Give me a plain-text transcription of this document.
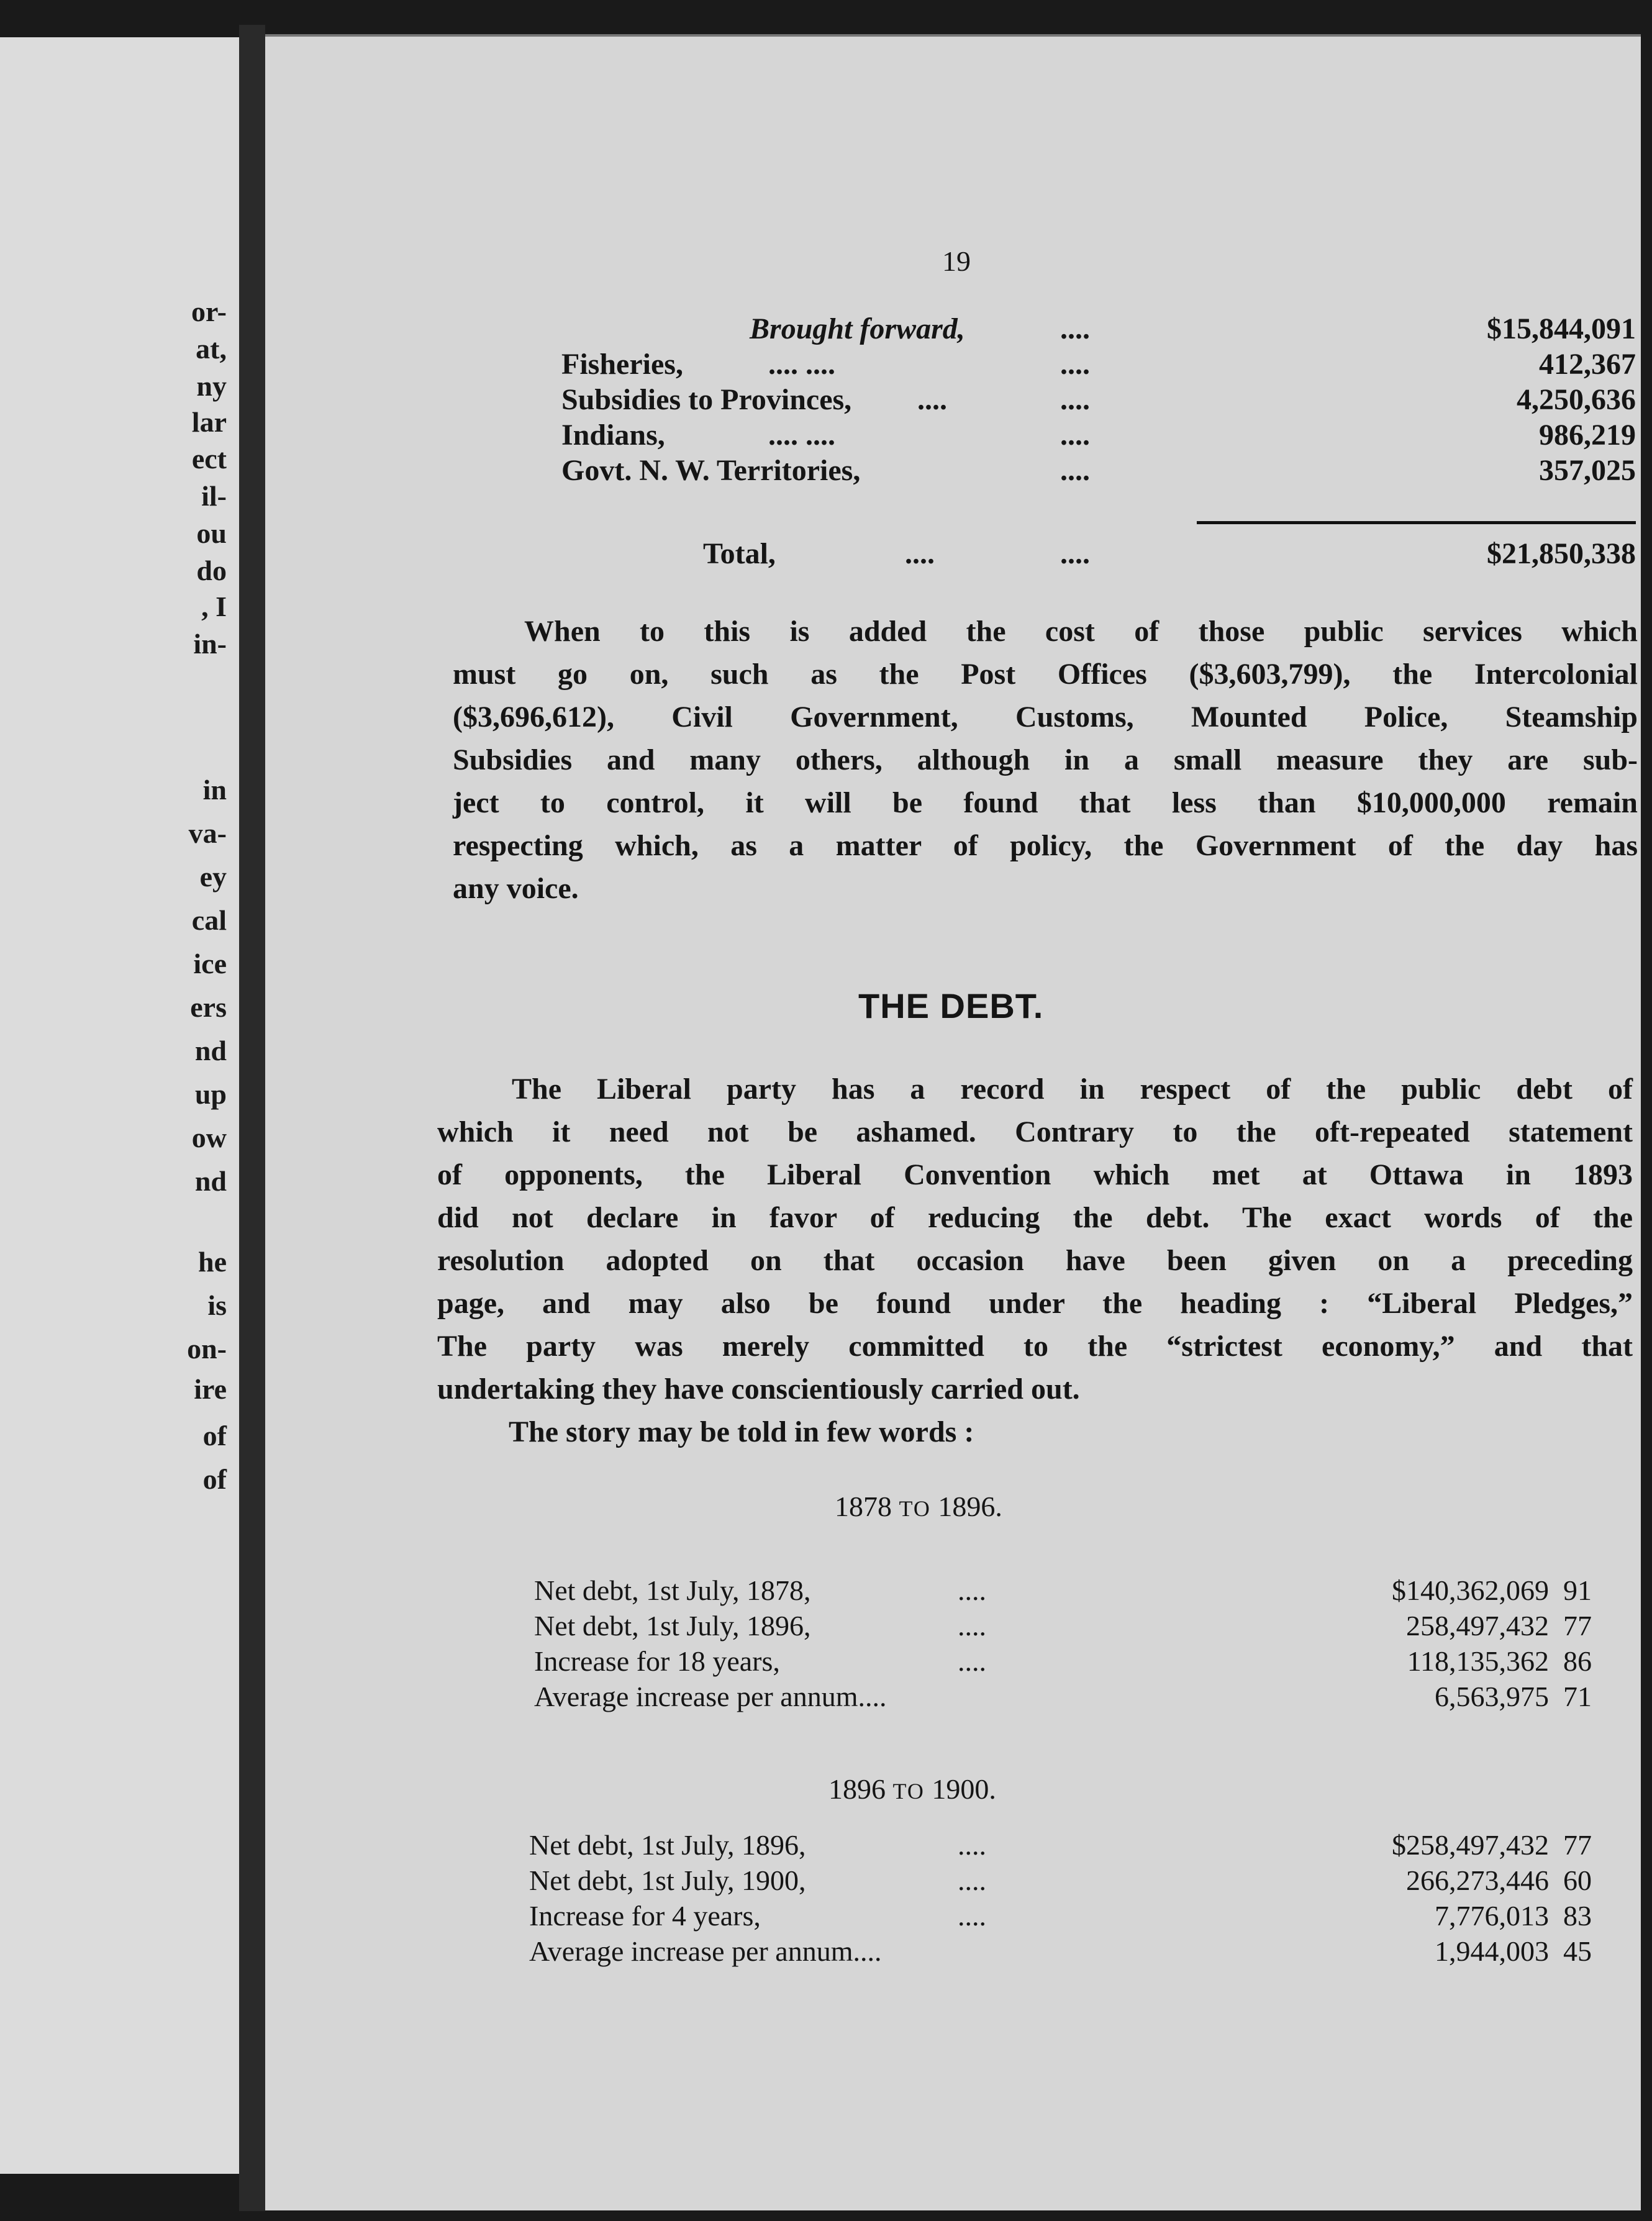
or-
at,
ny
lar
ect
il-
ou
do
, I
in-
in
va-
ey
cal
ice
ers
nd
up
ow
nd
he
is
on-
ire
of
of
19
Brought forward,	....	$15,844,091
Fisheries,	.... ....	....	412,367
Subsidies to Provinces, ....	....	4,250,636
Indians,	.... ....	....	986,219
Govt. N. W. Territories,	....	357,025
Total,	....	....	$21,850,338
When to this is added the cost of those public services which
must go on, such as the Post Offices ($3,603,799), the Intercolonial
($3,696,612), Civil Government, Customs, Mounted Police, Steamship
Subsidies and many others, although in a small measure they are sub-
ject to control, it will be found that less than $10,000,000 remain
respecting which, as a matter of policy, the Government of the day has
any voice.
THE DEBT.
The Liberal party has a record in respect of the public debt of
which it need not be ashamed. Contrary to the oft-repeated statement
of opponents, the Liberal Convention which met at Ottawa in 1893
did not declare in favor of reducing the debt. The exact words of the
resolution adopted on that occasion have been given on a preceding
page, and may also be found under the heading : “Liberal Pledges,”
The party was merely committed to the “strictest economy,” and that
undertaking they have conscientiously carried out.
The story may be told in few words :
1878 TO 1896.
Net debt, 1st July, 1878,	....	$140,362,069 91
Net debt, 1st July, 1896,	....	258,497,432 77
Increase for 18 years,	....	118,135,362 86
Average increase per annum....	6,563,975 71
1896 TO 1900.
Net debt, 1st July, 1896,	....	$258,497,432 77
Net debt, 1st July, 1900,	....	266,273,446 60
Increase for 4 years,	....	7,776,013 83
Average increase per annum....	1,944,003 45
